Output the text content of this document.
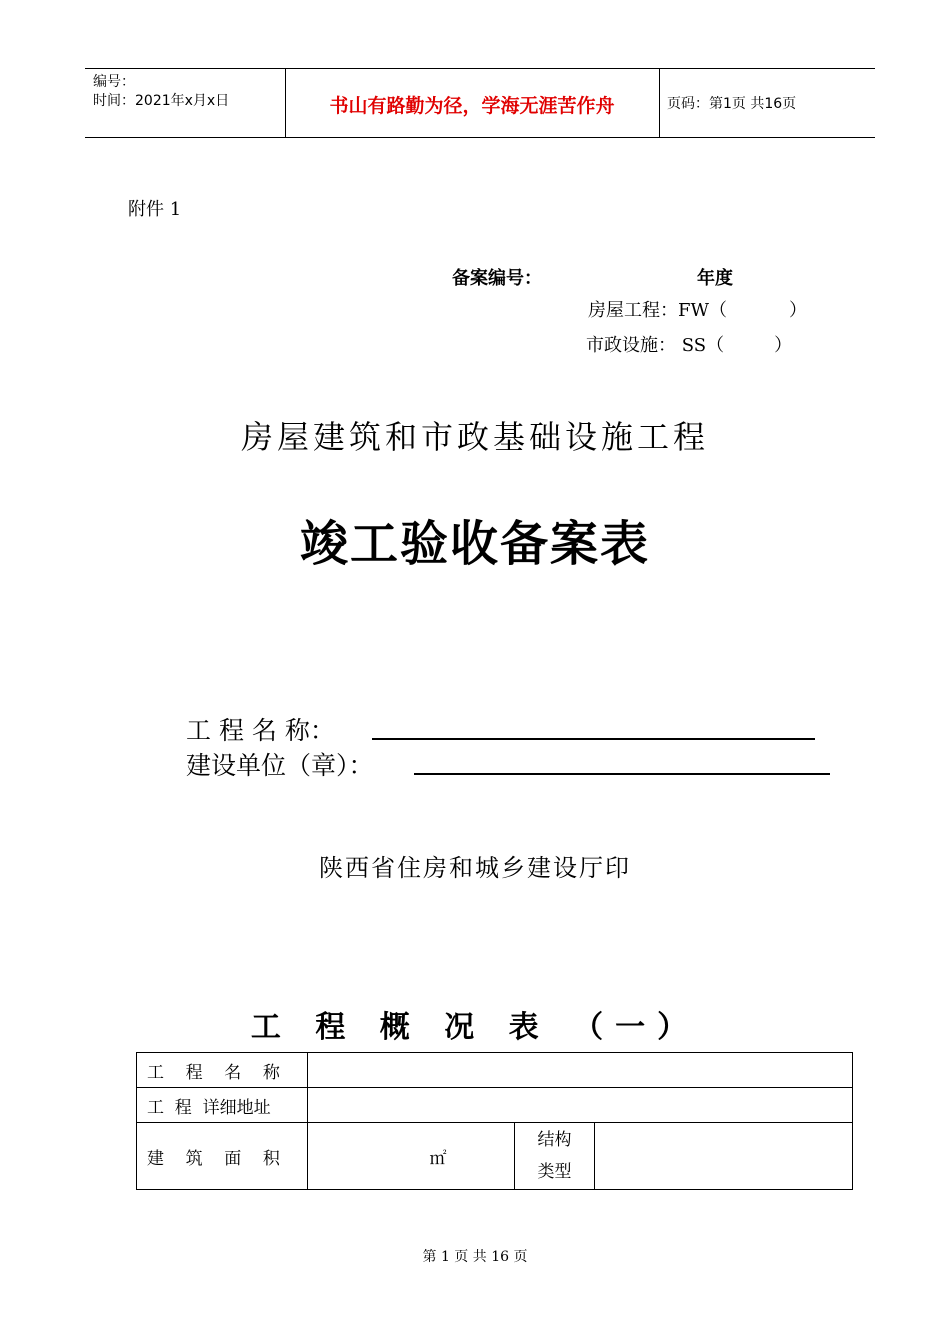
编号：
时间：2021年x月x日	书山有路勤为径，学海无涯苦作舟	页码：第1页 共16页
附件 1
备案编号：	年度
房屋工程：FW（	）
市政设施： SS（	）
房屋建筑和市政基础设施工程
竣工验收备案表
工 程 名 称：
建设单位（章）：
陕西省住房和城乡建设厅印
工 程 概 况 表 （一）
工    程    名    称			
工  程  详细地址			
建    筑    面    积	㎡	结构
类型	

第 1 页 共 16 页
